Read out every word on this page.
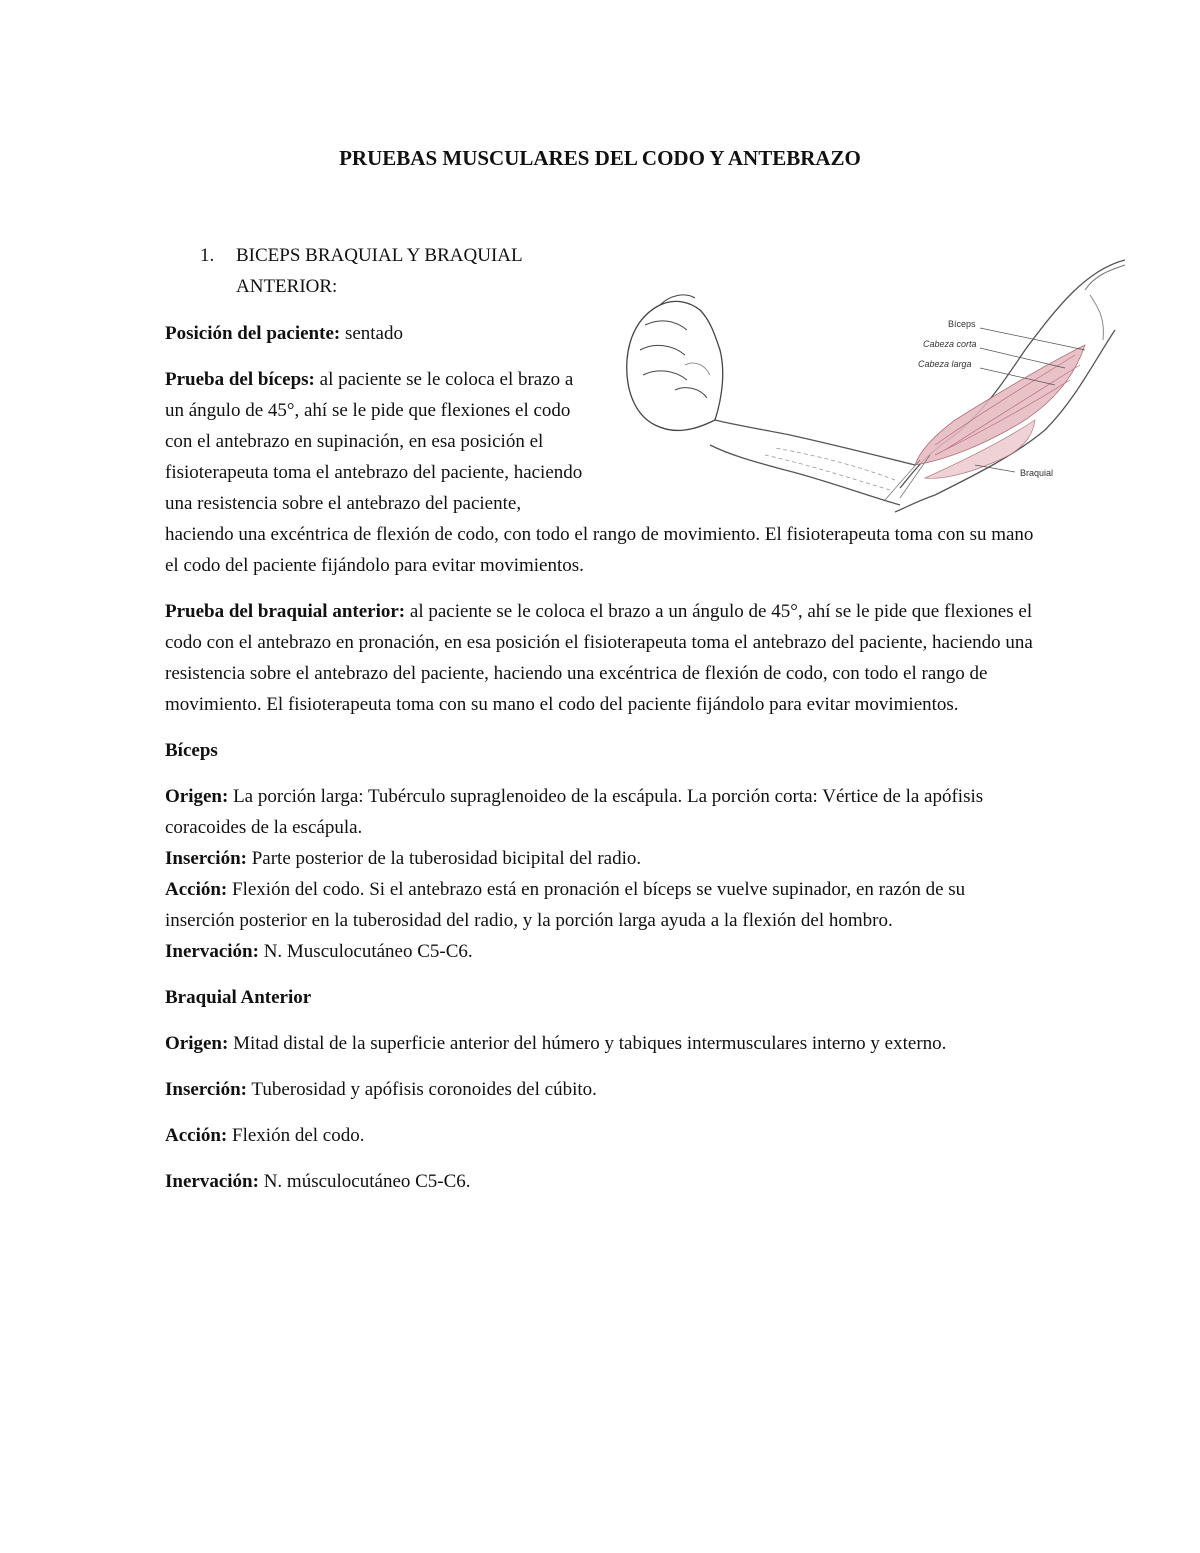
PRUEBAS MUSCULARES DEL CODO Y ANTEBRAZO
Bíceps
Cabeza corta
Cabeza larga
Braquial
1.	BICEPS BRAQUIAL Y BRAQUIAL ANTERIOR:

Posición del paciente: sentado

Prueba del bíceps: al paciente se le coloca el brazo a un ángulo de 45°, ahí se le pide que flexiones el codo con el antebrazo en supinación, en esa posición el fisioterapeuta toma el antebrazo del paciente, haciendo una resistencia sobre el antebrazo del paciente,

haciendo una excéntrica de flexión de codo, con todo el rango de movimiento. El fisioterapeuta toma con su mano el codo del paciente fijándolo para evitar movimientos.

Prueba del braquial anterior: al paciente se le coloca el brazo a un ángulo de 45°, ahí se le pide que flexiones el codo con el antebrazo en pronación, en esa posición el fisioterapeuta toma el antebrazo del paciente, haciendo una resistencia sobre el antebrazo del paciente, haciendo una excéntrica de flexión de codo, con todo el rango de movimiento. El fisioterapeuta toma con su mano el codo del paciente fijándolo para evitar movimientos.

Bíceps

Origen: La porción larga: Tubérculo supraglenoideo de la escápula. La porción corta: Vértice de la apófisis coracoides de la escápula.

Inserción: Parte posterior de la tuberosidad bicipital del radio.

Acción: Flexión del codo. Si el antebrazo está en pronación el bíceps se vuelve supinador, en razón de su inserción posterior en la tuberosidad del radio, y la porción larga ayuda a la flexión del hombro.

Inervación: N. Musculocutáneo C5-C6.

Braquial Anterior

Origen: Mitad distal de la superficie anterior del húmero y tabiques intermusculares interno y externo.

Inserción: Tuberosidad y apófisis coronoides del cúbito.

Acción: Flexión del codo.

Inervación: N. músculocutáneo C5-C6.
